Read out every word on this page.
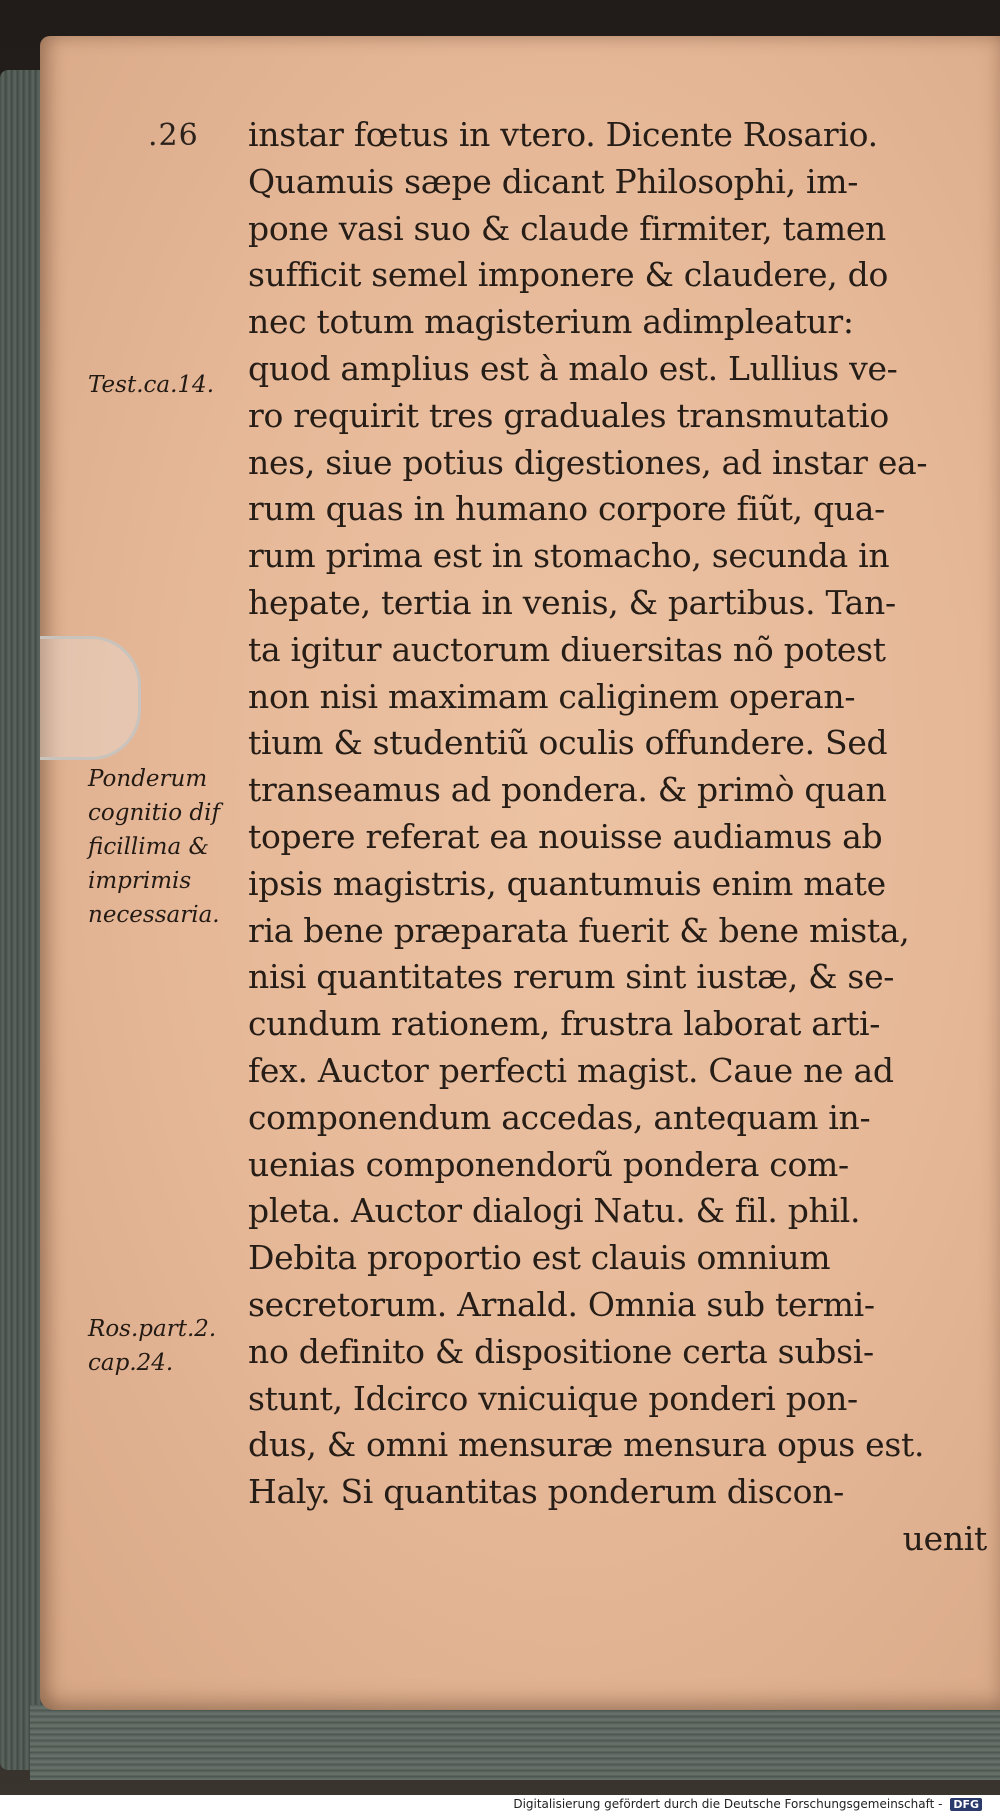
.26 instar fœtus in vtero. Dicente Rosario.
Quamuis sæpe dicant Philosophi, im-
pone vasi suo & claude firmiter, tamen
sufficit semel imponere & claudere, do
nec totum magisterium adimpleatur:
quod amplius est à malo est. Lullius ve-
ro requirit tres graduales transmutatio
nes, siue potius digestiones, ad instar ea-
rum quas in humano corpore fiũt, qua-
rum prima est in stomacho, secunda in
hepate, tertia in venis, & partibus. Tan-
ta igitur auctorum diuersitas nõ potest
non nisi maximam caliginem operan-
tium & studentiũ oculis offundere. Sed
transeamus ad pondera. & primò quan
topere referat ea nouisse audiamus ab
ipsis magistris, quantumuis enim mate
ria bene præparata fuerit & bene mista,
nisi quantitates rerum sint iustæ, & se-
cundum rationem, frustra laborat arti-
fex. Auctor perfecti magist. Caue ne ad
componendum accedas, antequam in-
uenias componendorũ pondera com-
pleta. Auctor dialogi Natu. & fil. phil.
Debita proportio est clauis omnium
secretorum. Arnald. Omnia sub termi-
no definito & dispositione certa subsi-
stunt, Idcirco vnicuique ponderi pon-
dus, & omni mensuræ mensura opus est.
Haly. Si quantitas ponderum discon-
uenit
Test.ca.14.
Ponderum
cognitio dif
ficillima &
imprimis
necessaria.
Ros.part.2.
cap.24.
Digitalisierung gefördert durch die Deutsche Forschungsgemeinschaft - DFG
